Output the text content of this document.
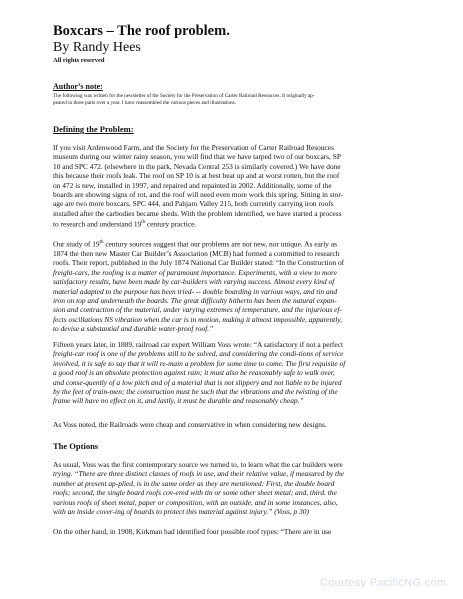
Boxcars – The roof problem.
By Randy Hees
All rights reserved
Author’s note:
The following was written for the newsletter of the Society for the Preservation of Carter Railroad Resources. It originally ap-
peared in three parts over a year. I have reassembled the various pieces and illustrations.
Defining the Problem:
If you visit Ardenwood Farm, and the Society for the Preservation of Carter Railroad Resouces
museum during our winter rainy season, you will find that we have tarped two of our boxcars, SP
10 and SPC 472. (elsewhere in the park, Nevada Central 253 is similarly covered.) We have done
this because their roofs leak. The roof on SP 10 is at best beat up and at worst rotten, but the roof
on 472 is new, installed in 1997, and repaired and repainted in 2002. Additionally, some of the
boards are showing signs of rot, and the roof will need even more work this spring. Sitting in stor-
age are two more boxcars, SPC 444, and Pahjaro Valley 215, both currently carrying iron roofs
installed after the carbodies became sheds. With the problem identified, we have started a process
to research and understand 19th century practice.
Our study of 19th century sources suggest that our problems are not new, nor unique. As early as
1874 the then new Master Car Builder’s Association (MCB) had formed a committed to research
roofs. Their report, published in the July 1874 National Car Builder stated: “In the Construction of
freight-cars, the roofing is a matter of paramount importance. Experiments, with a view to more
satisfactory results, have been made by car-builders with varying success. Almost every kind of
material adapted to the purpose has been tried- -- double boarding in various ways, and tin and
iron on top and underneath the boards. The great difficulty hitherto has been the natural expan-
sion and contraction of the material, under varying extremes of temperature, and the injurious ef-
fects oscillations NS vibration when the car is in motion, making it almost impossible, apparently,
to devise a substantial and durable water-proof roof.”
Fifteen years later, in 1889, railroad car expert William Voss wrote: “A satisfactory if not a perfect
freight-car roof is one of the problems still to be solved, and considering the condi-tions of service
involved, it is safe to say that it will re-main a problem for some time to come. The first requisite of
a good roof is an absolute protection against rain; it must also be reasonably safe to walk over,
and conse-quently of a low pitch and of a material that is not slippery and not liable to be injured
by the feet of train-men; the construction must be such that the vibrations and the twisting of the
frame will have no effect on it, and lastly, it must be durable and reasonably cheap.”
As Voss noted, the Railroads were cheap and conservative in when considering new designs.
The Options
As usual, Voss was the first contemporary source we turned to, to learn what the car builders were
trying. “There are three distinct classes of roofs in use, and their relative value, if measured by the
number at present ap-plied, is in the same order as they are mentioned: First, the double board
roofs; second, the single board roofs cov-ered with tin or some other sheet metal; and, third. the
various roofs of sheet metal, paper or composition, with an outside, and in some instances, also,
with an inside cover-ing of boards to protect this material against injury.” (Voss, p 30)
On the other hand, in 1908, Kirkman had identified four possible roof types: “There are in use
Courtesy PacificNG.com
